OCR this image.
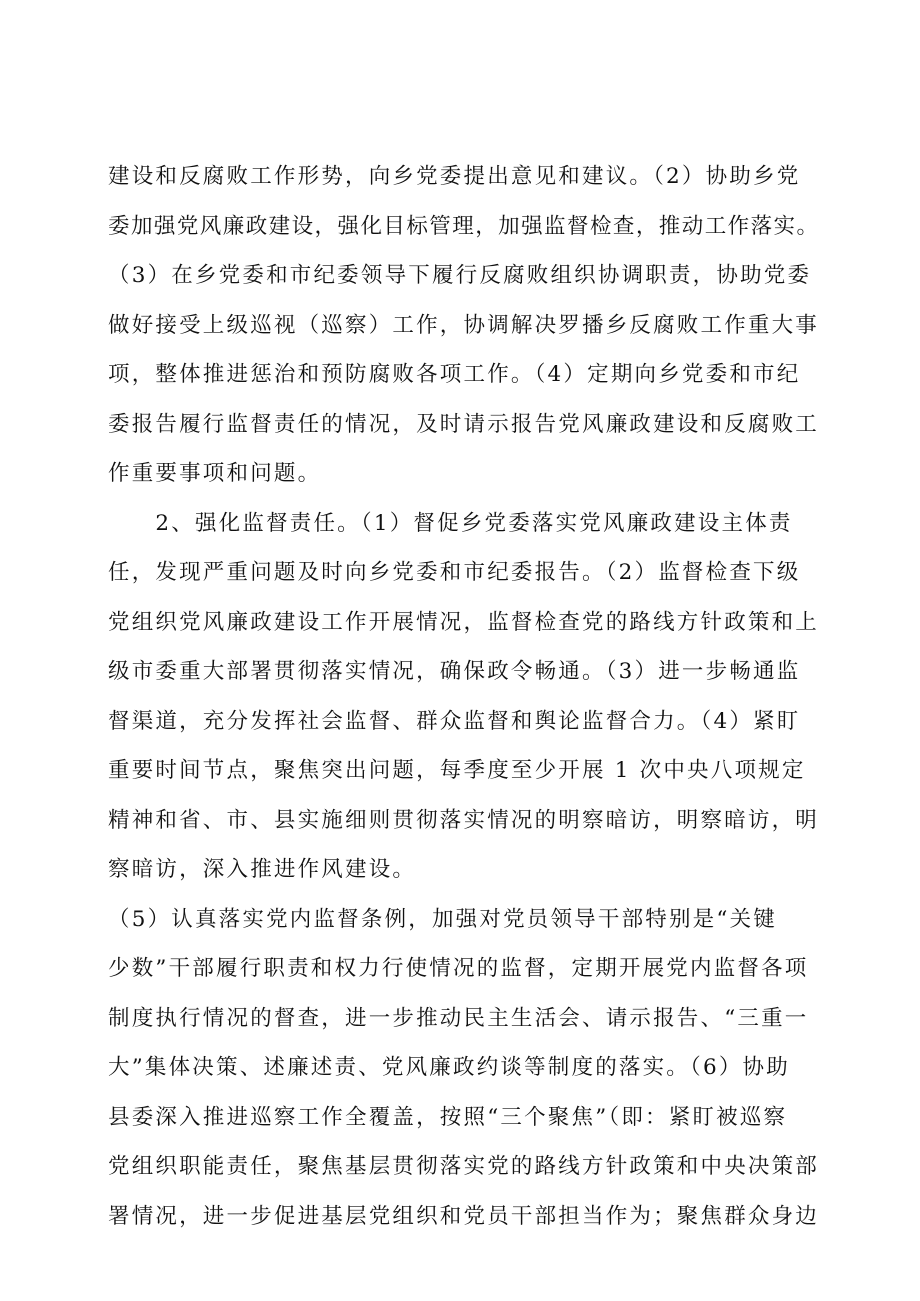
建设和反腐败工作形势，向乡党委提出意见和建议。（2）协助乡党
委加强党风廉政建设，强化目标管理，加强监督检查，推动工作落实。
（3）在乡党委和市纪委领导下履行反腐败组织协调职责，协助党委
做好接受上级巡视（巡察）工作，协调解决罗播乡反腐败工作重大事
项，整体推进惩治和预防腐败各项工作。（4）定期向乡党委和市纪
委报告履行监督责任的情况，及时请示报告党风廉政建设和反腐败工
作重要事项和问题。
　　2、强化监督责任。（1）督促乡党委落实党风廉政建设主体责
任，发现严重问题及时向乡党委和市纪委报告。（2）监督检查下级
党组织党风廉政建设工作开展情况，监督检查党的路线方针政策和上
级市委重大部署贯彻落实情况，确保政令畅通。（3）进一步畅通监
督渠道，充分发挥社会监督、群众监督和舆论监督合力。（4）紧盯
重要时间节点，聚焦突出问题，每季度至少开展 1 次中央八项规定
精神和省、市、县实施细则贯彻落实情况的明察暗访，明察暗访，明
察暗访，深入推进作风建设。
（5）认真落实党内监督条例，加强对党员领导干部特别是“关键
少数”干部履行职责和权力行使情况的监督，定期开展党内监督各项
制度执行情况的督查，进一步推动民主生活会、请示报告、“三重一
大”集体决策、述廉述责、党风廉政约谈等制度的落实。（6）协助
县委深入推进巡察工作全覆盖，按照“三个聚焦”（即：紧盯被巡察
党组织职能责任，聚焦基层贯彻落实党的路线方针政策和中央决策部
署情况，进一步促进基层党组织和党员干部担当作为；聚焦群众身边
